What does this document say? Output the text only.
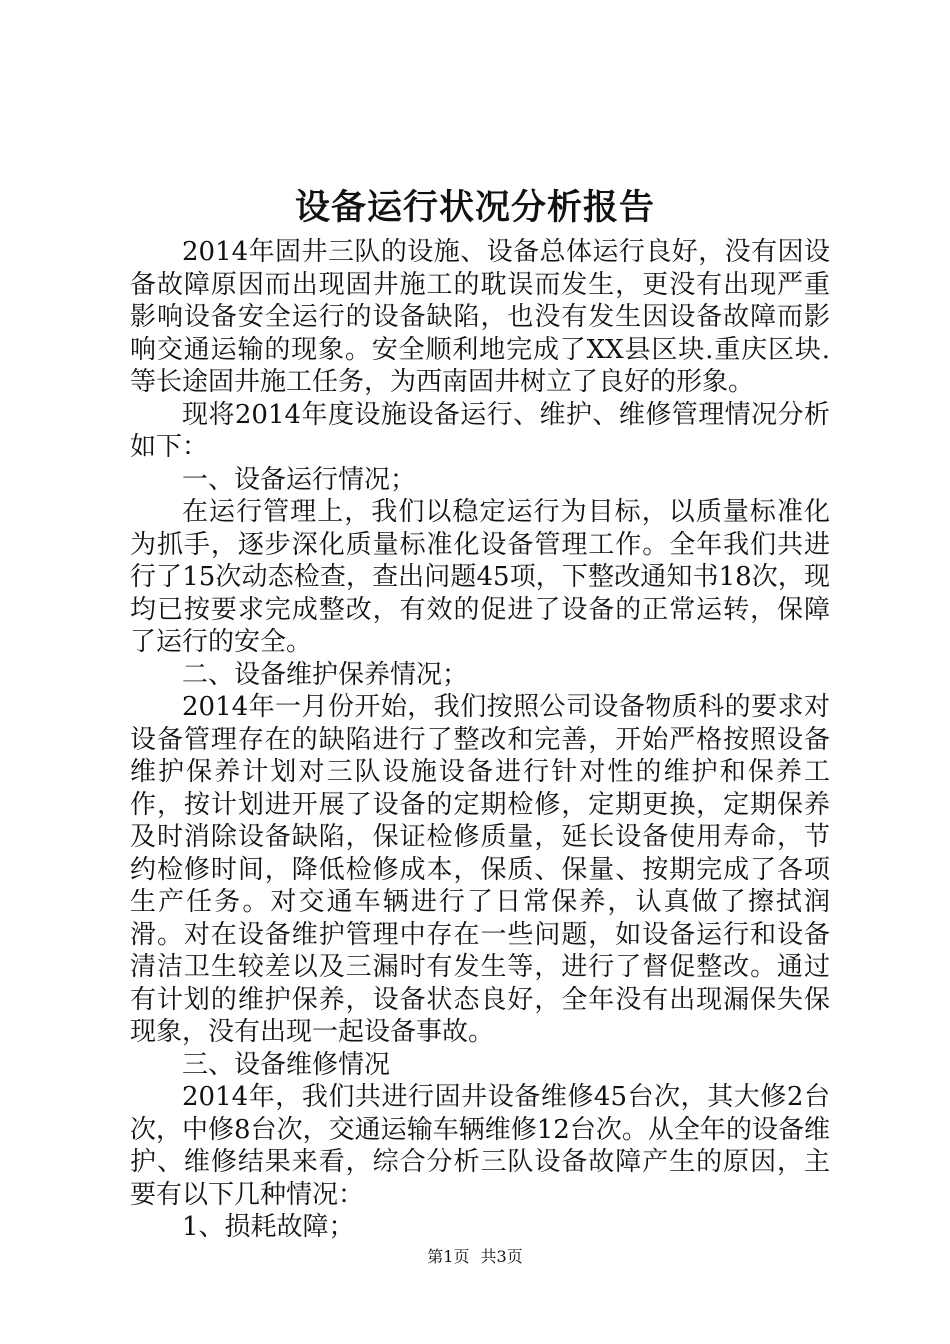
设备运行状况分析报告

2014年固井三队的设施、设备总体运行良好，没有因设备故障原因而出现固井施工的耽误而发生，更没有出现严重影响设备安全运行的设备缺陷，也没有发生因设备故障而影响交通运输的现象。安全顺利地完成了XX县区块.重庆区块.等长途固井施工任务，为西南固井树立了良好的形象。

现将2014年度设施设备运行、维护、维修管理情况分析如下：

一、设备运行情况；

在运行管理上，我们以稳定运行为目标，以质量标准化为抓手，逐步深化质量标准化设备管理工作。全年我们共进行了15次动态检查，查出问题45项，下整改通知书18次，现均已按要求完成整改，有效的促进了设备的正常运转，保障了运行的安全。

二、设备维护保养情况；

2014年一月份开始，我们按照公司设备物质科的要求对设备管理存在的缺陷进行了整改和完善，开始严格按照设备维护保养计划对三队设施设备进行针对性的维护和保养工作，按计划进开展了设备的定期检修，定期更换，定期保养及时消除设备缺陷，保证检修质量，延长设备使用寿命，节约检修时间，降低检修成本，保质、保量、按期完成了各项生产任务。对交通车辆进行了日常保养，认真做了擦拭润滑。对在设备维护管理中存在一些问题，如设备运行和设备清洁卫生较差以及三漏时有发生等，进行了督促整改。通过有计划的维护保养，设备状态良好，全年没有出现漏保失保现象，没有出现一起设备事故。

三、设备维修情况

2014年，我们共进行固井设备维修45台次，其大修2台次，中修8台次，交通运输车辆维修12台次。从全年的设备维护、维修结果来看，综合分析三队设备故障产生的原因，主要有以下几种情况：

1、损耗故障；

第1页 共3页
